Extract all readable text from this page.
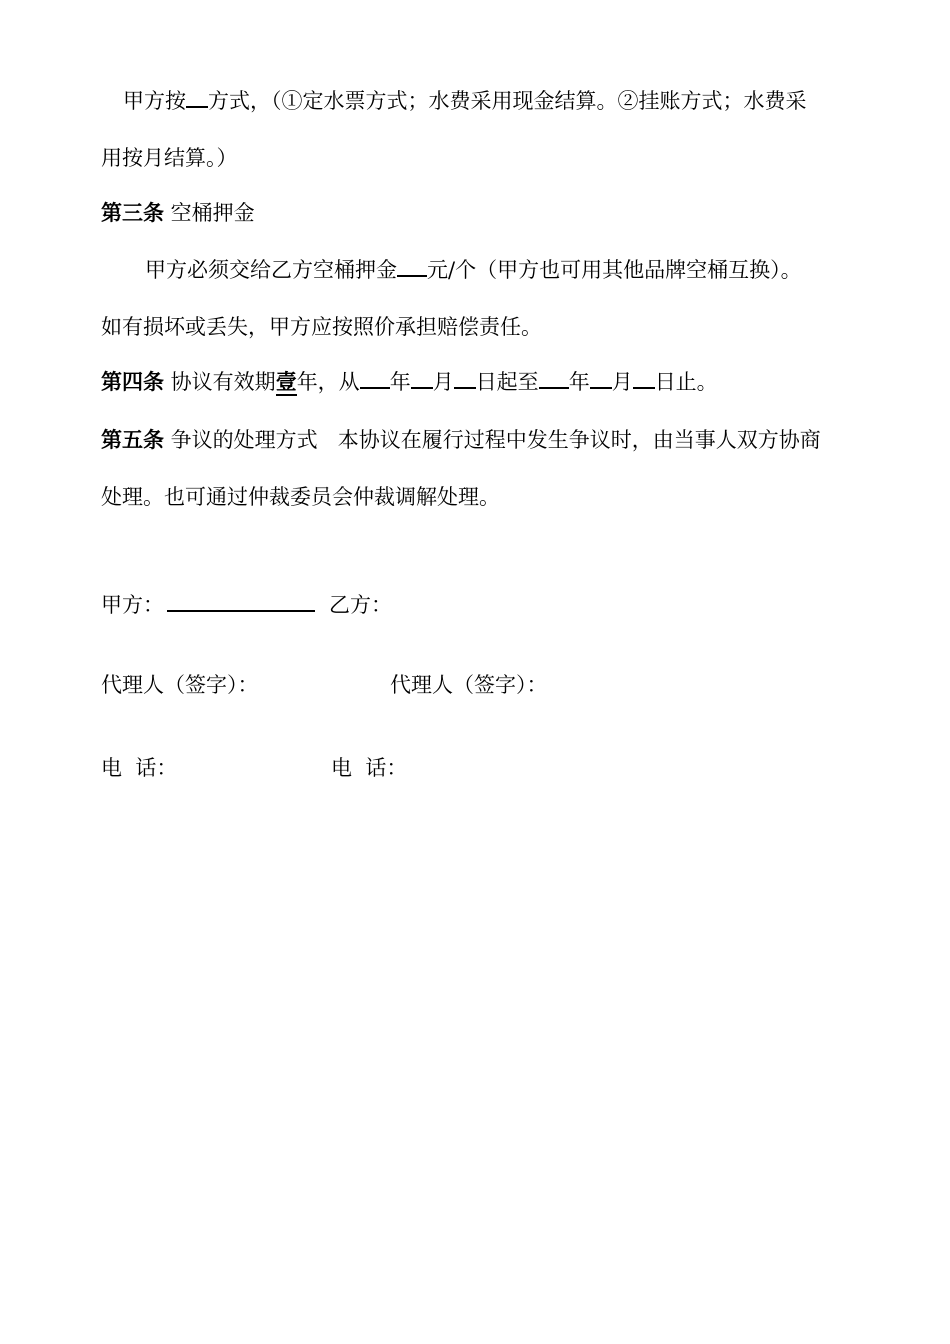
甲方按 方式，（①定水票方式；水费采用现金结算。②挂账方式；水费采
用按月结算。）
第三条 空桶押金
甲方必须交给乙方空桶押金 元/个（甲方也可用其他品牌空桶互换）。
如有损坏或丢失，甲方应按照价承担赔偿责任。
第四条 协议有效期壹年，从 年 月 日起至 年 月 日止。
第五条 争议的处理方式   本协议在履行过程中发生争议时，由当事人双方协商
处理。也可通过仲裁委员会仲裁调解处理。
甲方：	乙方：
代理人（签字）：	代理人（签字）：
电  话：	电  话：
